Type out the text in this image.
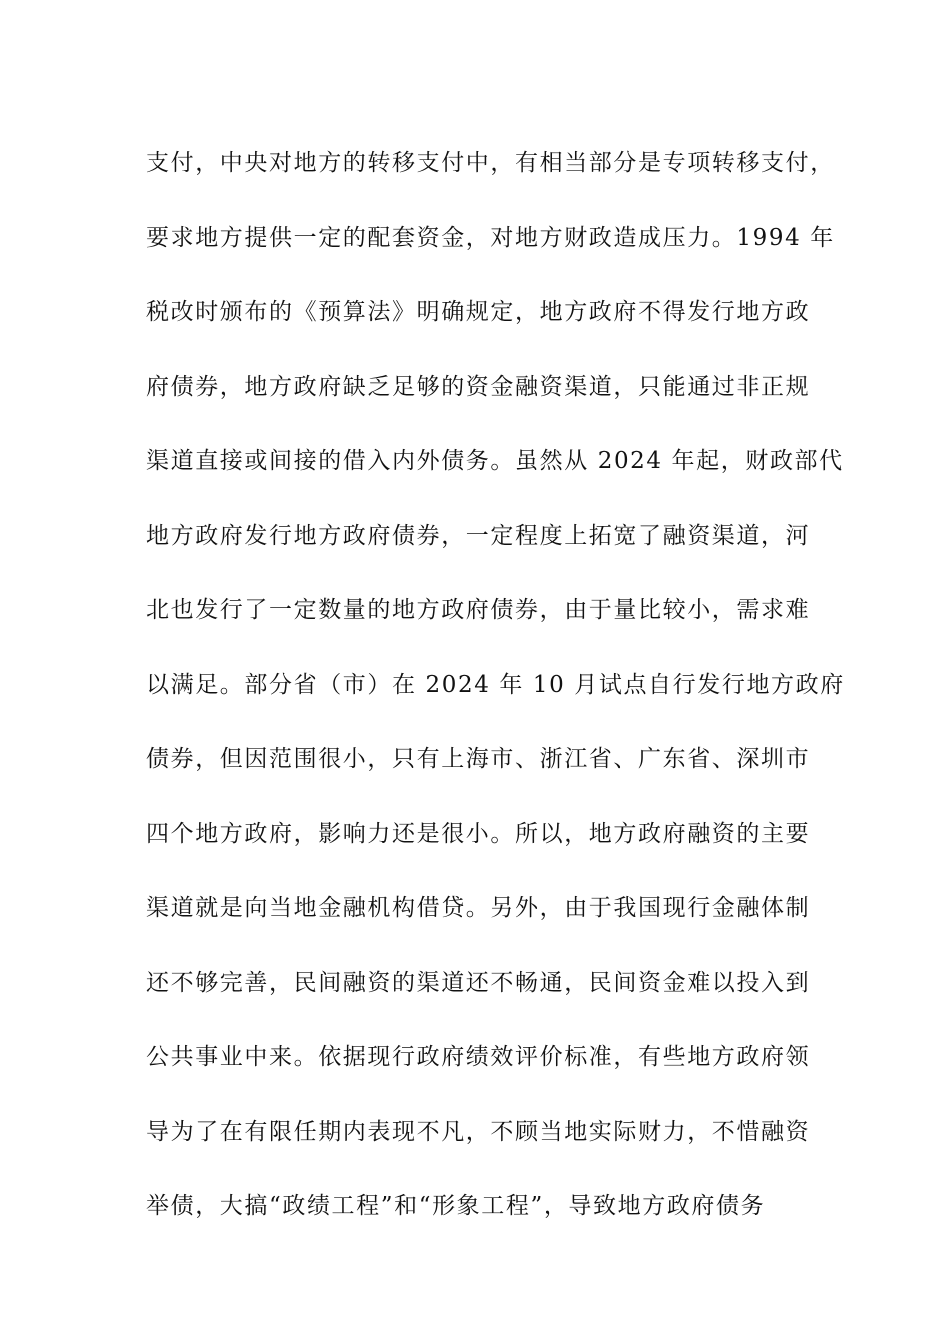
支付，中央对地方的转移支付中，有相当部分是专项转移支付，
要求地方提供一定的配套资金，对地方财政造成压力。1994 年
税改时颁布的《预算法》明确规定，地方政府不得发行地方政
府债券，地方政府缺乏足够的资金融资渠道，只能通过非正规
渠道直接或间接的借入内外债务。虽然从 2024 年起，财政部代
地方政府发行地方政府债券，一定程度上拓宽了融资渠道，河
北也发行了一定数量的地方政府债券，由于量比较小，需求难
以满足。部分省（市）在 2024 年 10 月试点自行发行地方政府
债券，但因范围很小，只有上海市、浙江省、广东省、深圳市
四个地方政府，影响力还是很小。所以，地方政府融资的主要
渠道就是向当地金融机构借贷。另外，由于我国现行金融体制
还不够完善，民间融资的渠道还不畅通，民间资金难以投入到
公共事业中来。依据现行政府绩效评价标准，有些地方政府领
导为了在有限任期内表现不凡，不顾当地实际财力，不惜融资
举债，大搞“政绩工程”和“形象工程”，导致地方政府债务
